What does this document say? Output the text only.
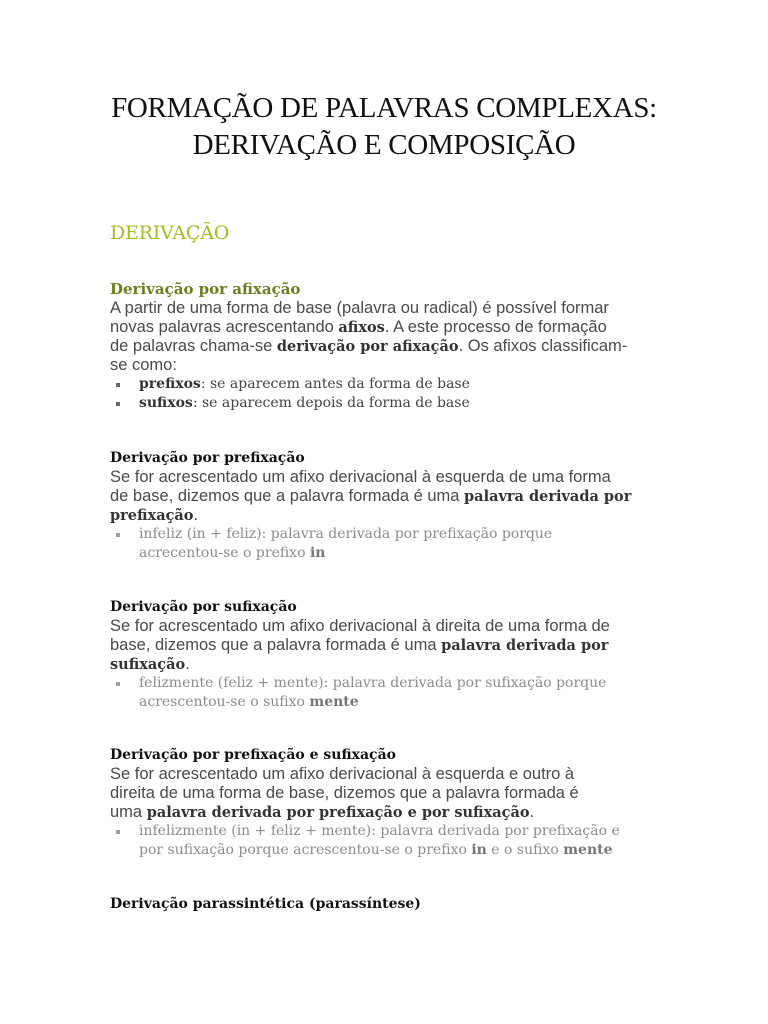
FORMAÇÃO DE PALAVRAS COMPLEXAS:
DERIVAÇÃO E COMPOSIÇÃO
DERIVAÇÃO
Derivação por afixação

A partir de uma forma de base (palavra ou radical) é possível formar
novas palavras acrescentando afixos. A este processo de formação
de palavras chama-se derivação por afixação. Os afixos classificam-
se como:

prefixos: se aparecem antes da forma de base
sufixos: se aparecem depois da forma de base
Derivação por prefixação

Se for acrescentado um afixo derivacional à esquerda de uma forma
de base, dizemos que a palavra formada é uma palavra derivada por
prefixação.

infeliz (in + feliz): palavra derivada por prefixação porque
acrecentou-se o prefixo in
Derivação por sufixação

Se for acrescentado um afixo derivacional à direita de uma forma de
base, dizemos que a palavra formada é uma palavra derivada por
sufixação.

felizmente (feliz + mente): palavra derivada por sufixação porque
acrescentou-se o sufixo mente
Derivação por prefixação e sufixação

Se for acrescentado um afixo derivacional à esquerda e outro à
direita de uma forma de base, dizemos que a palavra formada é
uma palavra derivada por prefixação e por sufixação.

infelizmente (in + feliz + mente): palavra derivada por prefixação e
por sufixação porque acrescentou-se o prefixo in e o sufixo mente
Derivação parassintética (parassíntese)
